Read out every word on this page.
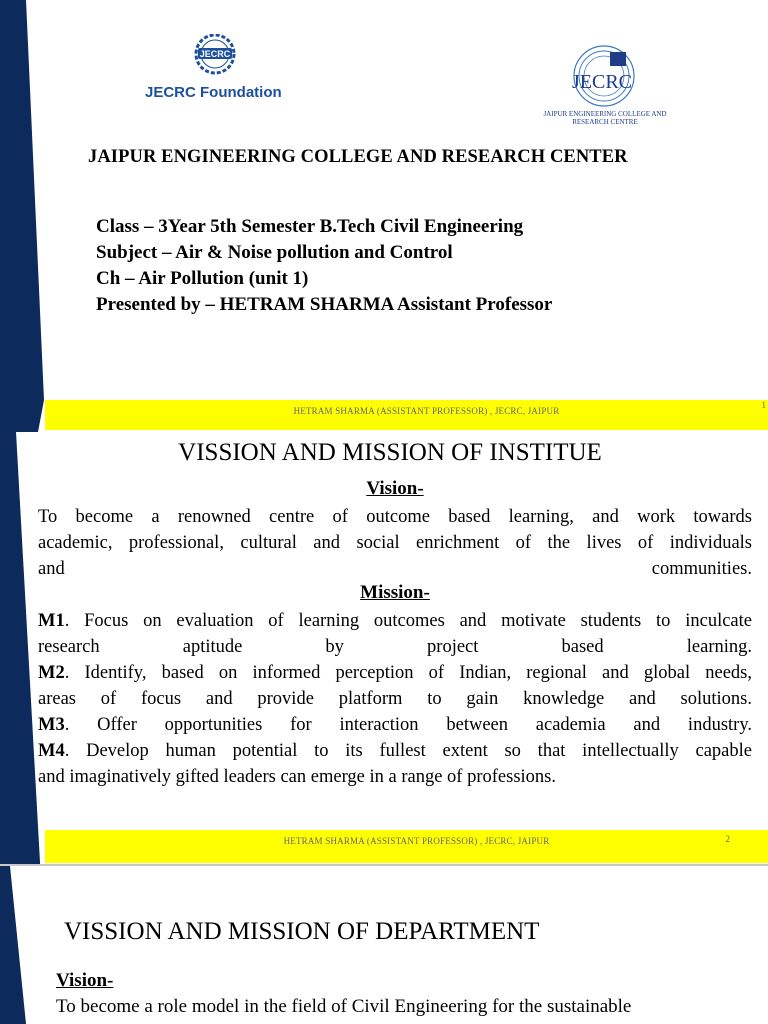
JECRC
JECRC Foundation	JECRC
JAIPUR ENGINEERING COLLEGE AND RESEARCH CENTRE
JAIPUR ENGINEERING COLLEGE AND RESEARCH CENTER
Class – 3Year 5th Semester B.Tech Civil Engineering
Subject – Air & Noise pollution and Control
Ch – Air Pollution (unit 1)
Presented by – HETRAM SHARMA Assistant Professor
HETRAM SHARMA (ASSISTANT PROFESSOR) , JECRC, JAIPUR
1
VISSION AND MISSION OF INSTITUE
Vision-
To become a renowned centre of outcome based learning, and work towards
academic, professional, cultural and social enrichment of the lives of individuals
and communities.
Mission-
M1. Focus on evaluation of learning outcomes and motivate students to inculcate
research aptitude by project based learning.
M2. Identify, based on informed perception of Indian, regional and global needs,
areas of focus and provide platform to gain knowledge and solutions.
M3. Offer opportunities for interaction between academia and industry.
M4. Develop human potential to its fullest extent so that intellectually capable
and imaginatively gifted leaders can emerge in a range of professions.
HETRAM SHARMA (ASSISTANT PROFESSOR) , JECRC, JAIPUR	2
VISSION AND MISSION OF DEPARTMENT
Vision-
To become a role model in the field of Civil Engineering for the sustainable
